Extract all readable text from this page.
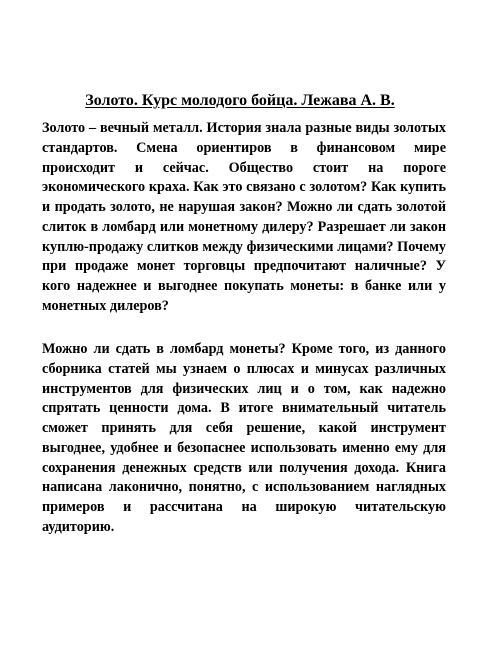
Золото. Курс молодого бойца. Лежава А. В.

Золото – вечный металл. История знала разные виды золотых стандартов. Смена ориентиров в финансовом мире происходит и сейчас. Общество стоит на пороге экономического краха. Как это связано с золотом? Как купить и продать золото, не нарушая закон? Можно ли сдать золотой слиток в ломбард или монетному дилеру? Разрешает ли закон куплю-продажу слитков между физическими лицами? Почему при продаже монет торговцы предпочитают наличные? У кого надежнее и выгоднее покупать монеты: в банке или у монетных дилеров?

Можно ли сдать в ломбард монеты? Кроме того, из данного сборника статей мы узнаем о плюсах и минусах различных инструментов для физических лиц и о том, как надежно спрятать ценности дома. В итоге внимательный читатель сможет принять для себя решение, какой инструмент выгоднее, удобнее и безопаснее использовать именно ему для сохранения денежных средств или получения дохода. Книга написана лаконично, понятно, с использованием наглядных примеров и рассчитана на широкую читательскую аудиторию.
